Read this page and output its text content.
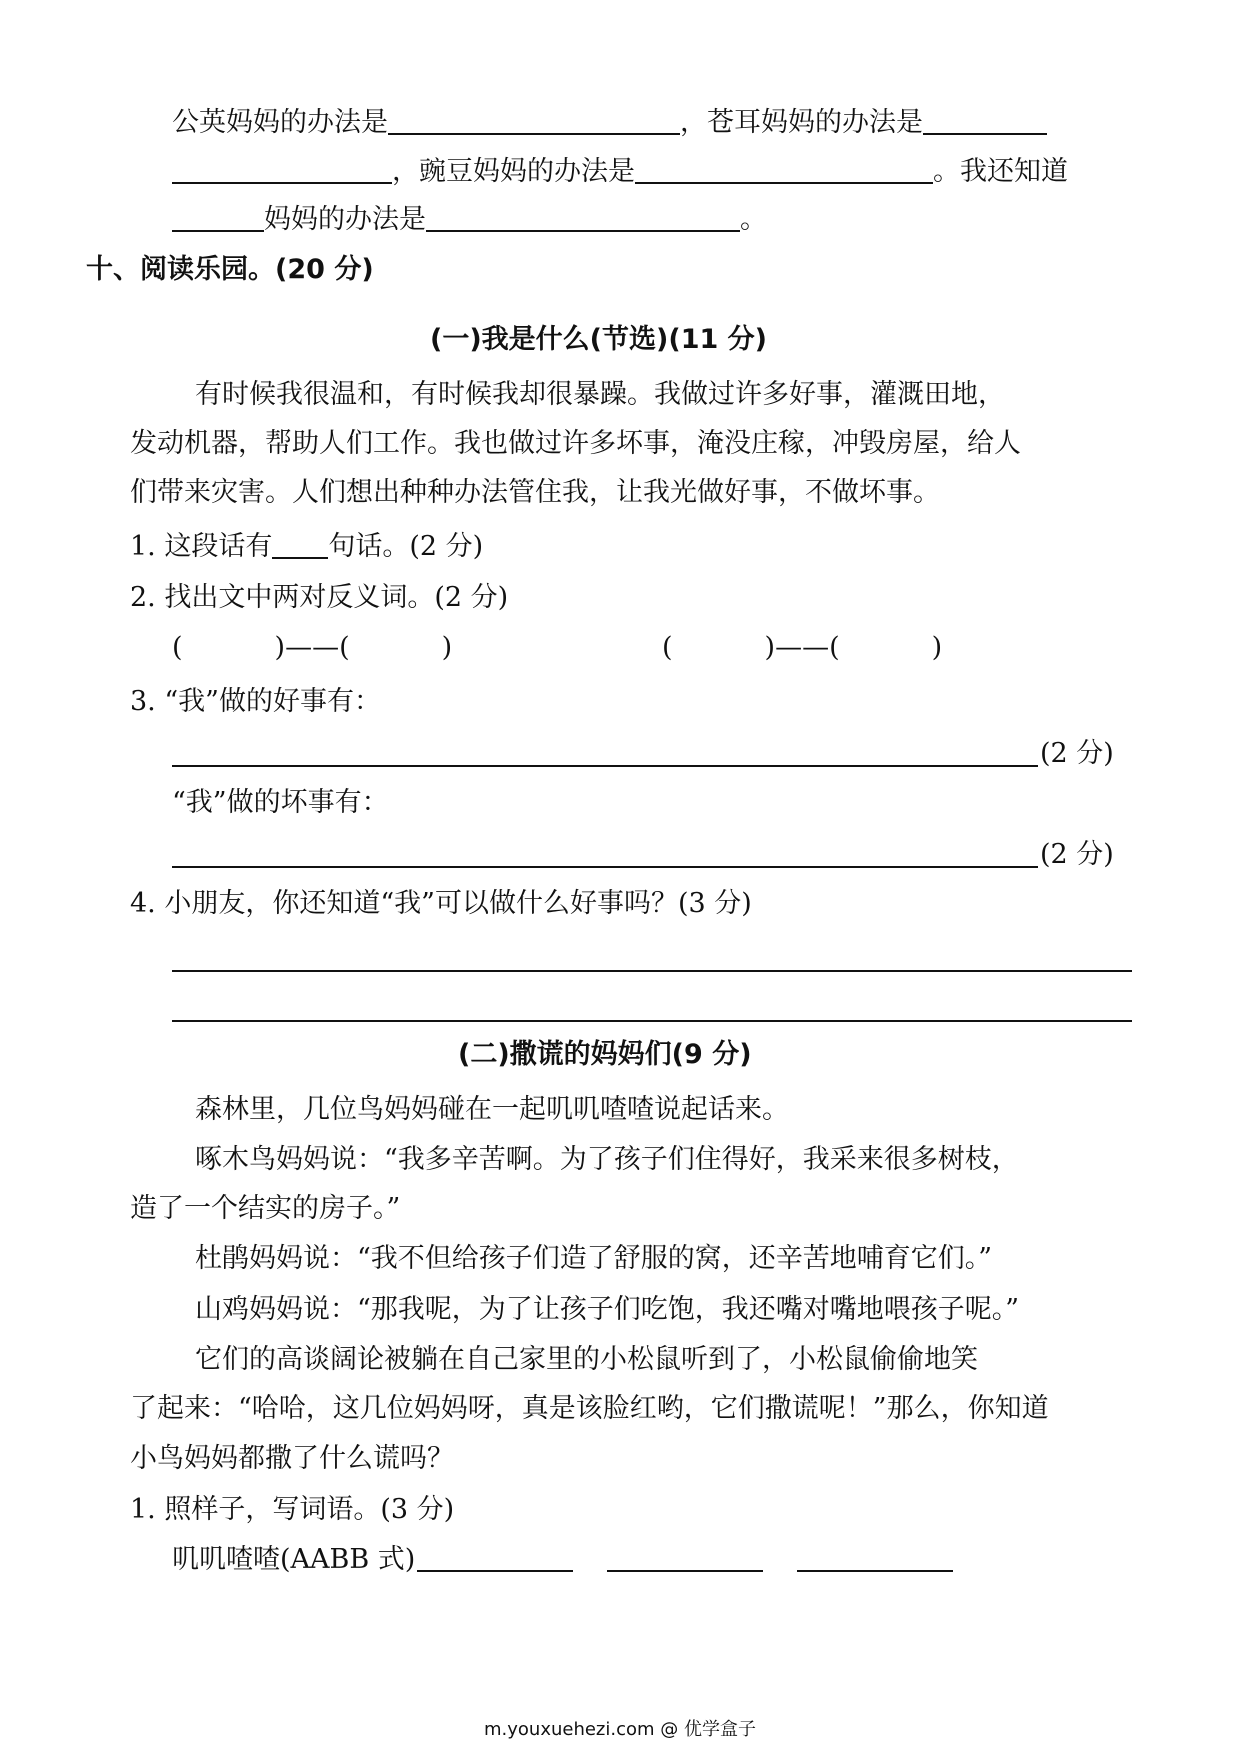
公英妈妈的办法是	，苍耳妈妈的办法是
，豌豆妈妈的办法是	。我还知道
妈妈的办法是	。
十、阅读乐园。(20 分)
(一)我是什么(节选)(11 分)
有时候我很温和，有时候我却很暴躁。我做过许多好事，灌溉田地，
发动机器，帮助人们工作。我也做过许多坏事，淹没庄稼，冲毁房屋，给人
们带来灾害。人们想出种种办法管住我，让我光做好事，不做坏事。
1. 这段话有 句话。(2 分)
2. 找出文中两对反义词。(2 分)
(	)——(	)	(	)——(	)
3. “我”做的好事有：
(2 分)
“我”做的坏事有：
(2 分)
4. 小朋友，你还知道“我”可以做什么好事吗？(3 分)
(二)撒谎的妈妈们(9 分)
森林里，几位鸟妈妈碰在一起叽叽喳喳说起话来。
啄木鸟妈妈说：“我多辛苦啊。为了孩子们住得好，我采来很多树枝，
造了一个结实的房子。”
杜鹃妈妈说：“我不但给孩子们造了舒服的窝，还辛苦地哺育它们。”
山鸡妈妈说：“那我呢，为了让孩子们吃饱，我还嘴对嘴地喂孩子呢。”
它们的高谈阔论被躺在自己家里的小松鼠听到了，小松鼠偷偷地笑
了起来：“哈哈，这几位妈妈呀，真是该脸红哟，它们撒谎呢！”那么，你知道
小鸟妈妈都撒了什么谎吗？
1. 照样子，写词语。(3 分)
叽叽喳喳(AABB 式)
m.youxuehezi.com @ 优学盒子
